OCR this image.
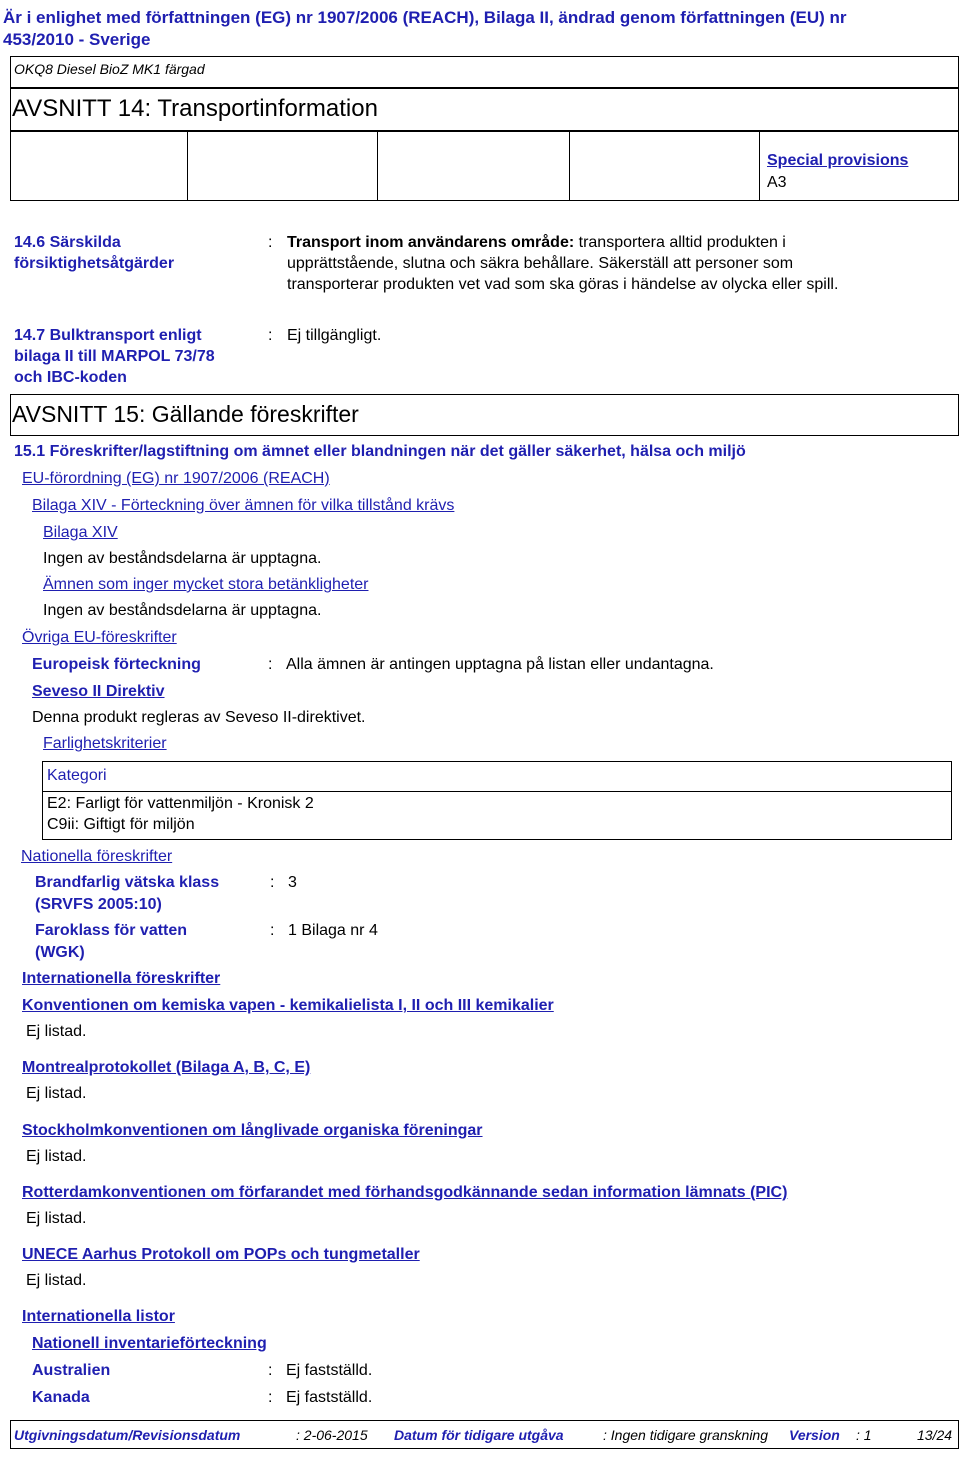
Är i enlighet med författningen (EG) nr 1907/2006 (REACH), Bilaga II, ändrad genom författningen (EU) nr
453/2010 - Sverige
OKQ8 Diesel BioZ MK1 färgad
AVSNITT 14: Transportinformation
Special provisions
A3
14.6 Särskilda
försiktighetsåtgärder
: Transport inom användarens område: transportera alltid produkten i
upprättstående, slutna och säkra behållare. Säkerställ att personer som
transporterar produkten vet vad som ska göras i händelse av olycka eller spill.
14.7 Bulktransport enligt
bilaga II till MARPOL 73/78
och IBC-koden
: Ej tillgängligt.
AVSNITT 15: Gällande föreskrifter
15.1 Föreskrifter/lagstiftning om ämnet eller blandningen när det gäller säkerhet, hälsa och miljö
EU-förordning (EG) nr 1907/2006 (REACH)
Bilaga XIV - Förteckning över ämnen för vilka tillstånd krävs
Bilaga XIV
Ingen av beståndsdelarna är upptagna.
Ämnen som inger mycket stora betänkligheter
Ingen av beståndsdelarna är upptagna.
Övriga EU-föreskrifter
Europeisk förteckning	: Alla ämnen är antingen upptagna på listan eller undantagna.
Seveso II Direktiv
Denna produkt regleras av Seveso II-direktivet.
Farlighetskriterier
Kategori
E2: Farligt för vattenmiljön - Kronisk 2
C9ii: Giftigt för miljön
Nationella föreskrifter
Brandfarlig vätska klass
(SRVFS 2005:10)
: 3
Faroklass för vatten
(WGK)
: 1 Bilaga nr 4
Internationella föreskrifter
Konventionen om kemiska vapen - kemikalielista I, II och III kemikalier
Ej listad.
Montrealprotokollet (Bilaga A, B, C, E)
Ej listad.
Stockholmkonventionen om långlivade organiska föreningar
Ej listad.
Rotterdamkonventionen om förfarandet med förhandsgodkännande sedan information lämnats (PIC)
Ej listad.
UNECE Aarhus Protokoll om POPs och tungmetaller
Ej listad.
Internationella listor
Nationell inventarieförteckning
Australien	: Ej fastställd.
Kanada	: Ej fastställd.
Utgivningsdatum/Revisionsdatum	: 2-06-2015 Datum för tidigare utgåva	: Ingen tidigare granskning Version : 1	13/24
